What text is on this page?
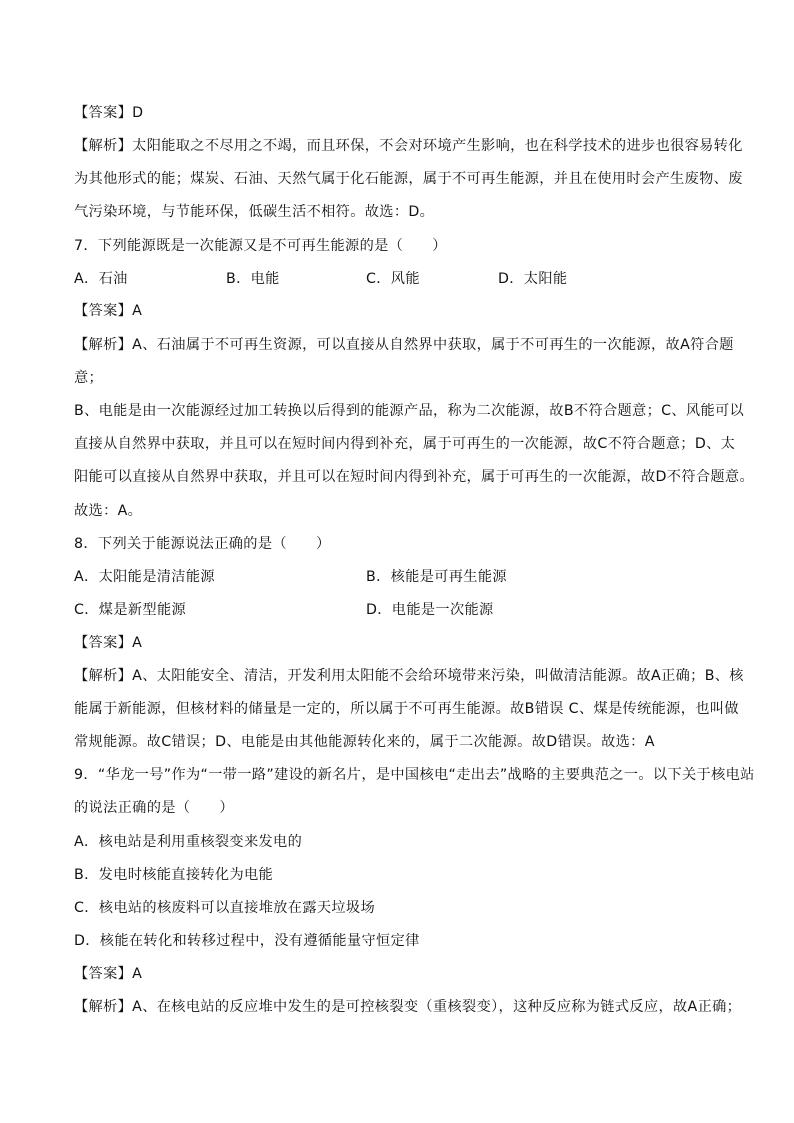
【答案】D
【解析】太阳能取之不尽用之不竭，而且环保，不会对环境产生影响，也在科学技术的进步也很容易转化
为其他形式的能；煤炭、石油、天然气属于化石能源，属于不可再生能源，并且在使用时会产生废物、废
气污染环境，与节能环保，低碳生活不相符。故选：D。
7．下列能源既是一次能源又是不可再生能源的是（　　）
A．石油	B．电能	C．风能	D．太阳能
【答案】A
【解析】A、石油属于不可再生资源，可以直接从自然界中获取，属于不可再生的一次能源，故A符合题
意；
B、电能是由一次能源经过加工转换以后得到的能源产品，称为二次能源，故B不符合题意；C、风能可以
直接从自然界中获取，并且可以在短时间内得到补充，属于可再生的一次能源，故C不符合题意；D、太
阳能可以直接从自然界中获取，并且可以在短时间内得到补充，属于可再生的一次能源，故D不符合题意。
故选：A。
8．下列关于能源说法正确的是（　　）
A．太阳能是清洁能源	B．核能是可再生能源
C．煤是新型能源	D．电能是一次能源
【答案】A
【解析】A、太阳能安全、清洁，开发利用太阳能不会给环境带来污染，叫做清洁能源。故A正确；B、核
能属于新能源，但核材料的储量是一定的，所以属于不可再生能源。故B错误 C、煤是传统能源，也叫做
常规能源。故C错误；D、电能是由其他能源转化来的，属于二次能源。故D错误。故选：A
9．“华龙一号”作为“一带一路”建设的新名片，是中国核电“走出去”战略的主要典范之一。以下关于核电站
的说法正确的是（　　）
A．核电站是利用重核裂变来发电的
B．发电时核能直接转化为电能
C．核电站的核废料可以直接堆放在露天垃圾场
D．核能在转化和转移过程中，没有遵循能量守恒定律
【答案】A
【解析】A、在核电站的反应堆中发生的是可控核裂变（重核裂变），这种反应称为链式反应，故A正确；
